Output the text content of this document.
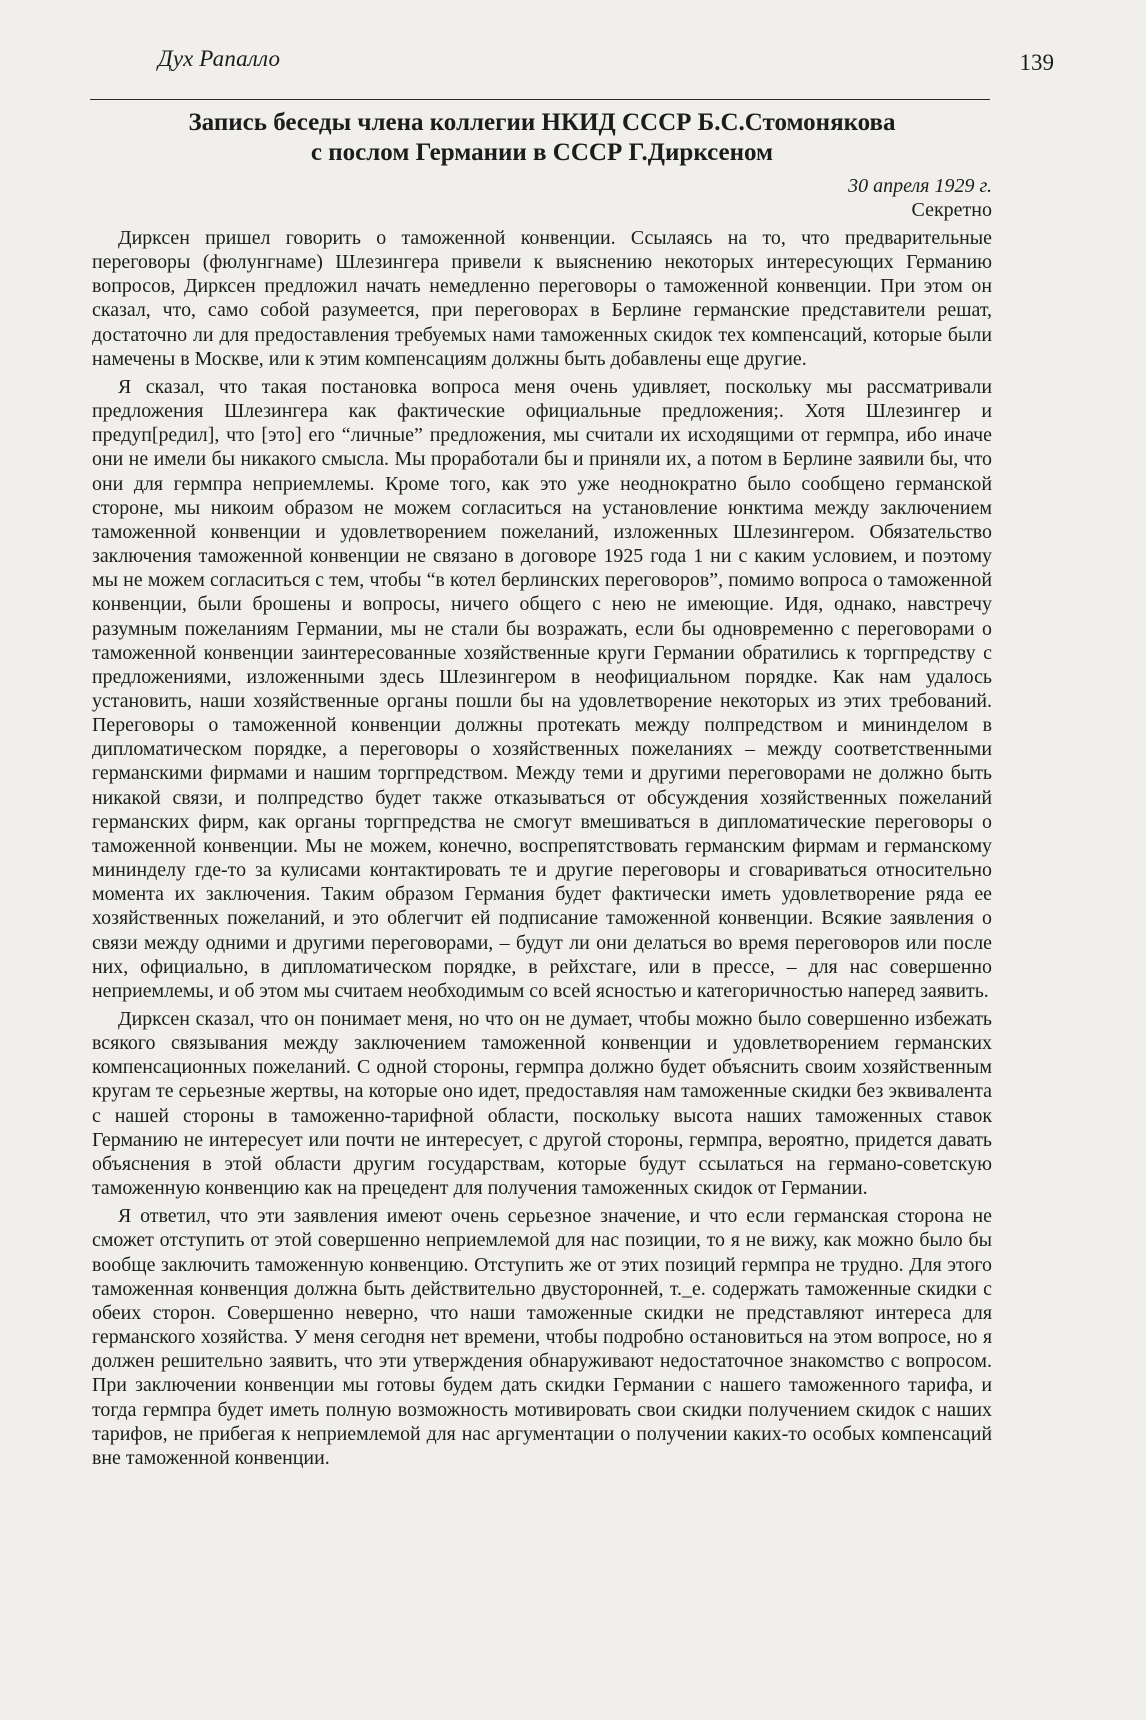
Дух Рапалло	139
Запись беседы члена коллегии НКИД СССР Б.С.Стомонякова
с послом Германии в СССР Г.Дирксеном
30 апреля 1929 г.
Секретно

Дирксен пришел говорить о таможенной конвенции. Ссылаясь на то, что предварительные переговоры (фюлунгнаме) Шлезингера привели к выяснению некоторых интересующих Германию вопросов, Дирксен предложил начать немедленно переговоры о таможенной конвенции. При этом он сказал, что, само собой разумеется, при переговорах в Берлине германские представители решат, достаточно ли для предоставления требуемых нами таможенных скидок тех компенсаций, которые были намечены в Москве, или к этим компенсациям должны быть добавлены еще другие.

Я сказал, что такая постановка вопроса меня очень удивляет, поскольку мы рассматривали предложения Шлезингера как фактические официальные предложения;. Хотя Шлезингер и предуп[редил], что [это] его “личные” предложения, мы считали их исходящими от гермпра, ибо иначе они не имели бы никакого смысла. Мы проработали бы и приняли их, а потом в Берлине заявили бы, что они для гермпра неприемлемы. Кроме того, как это уже неоднократно было сообщено германской стороне, мы никоим образом не можем согласиться на установление юнктима между заключением таможенной конвенции и удовлетворением пожеланий, изложенных Шлезингером. Обязательство заключения таможенной конвенции не связано в договоре 1925 года 1 ни с каким условием, и поэтому мы не можем согласиться с тем, чтобы “в котел берлинских переговоров”, помимо вопроса о таможенной конвенции, были брошены и вопросы, ничего общего с нею не имеющие. Идя, однако, навстречу разумным пожеланиям Германии, мы не стали бы возражать, если бы одновременно с переговорами о таможенной конвенции заинтересованные хозяйственные круги Германии обратились к торгпредству с предложениями, изложенными здесь Шлезингером в неофициальном порядке. Как нам удалось установить, наши хозяйственные органы пошли бы на удовлетворение некоторых из этих требований. Переговоры о таможенной конвенции должны протекать между полпредством и мининделом в дипломатическом порядке, а переговоры о хозяйственных пожеланиях – между соответственными германскими фирмами и нашим торгпредством. Между теми и другими переговорами не должно быть никакой связи, и полпредство будет также отказываться от обсуждения хозяйственных пожеланий германских фирм, как органы торгпредства не смогут вмешиваться в дипломатические переговоры о таможенной конвенции. Мы не можем, конечно, воспрепятствовать германским фирмам и германскому мининделу где-то за кулисами контактировать те и другие переговоры и сговариваться относительно момента их заключения. Таким образом Германия будет фактически иметь удовлетворение ряда ее хозяйственных пожеланий, и это облегчит ей подписание таможенной конвенции. Всякие заявления о связи между одними и другими переговорами, – будут ли они делаться во время переговоров или после них, официально, в дипломатическом порядке, в рейхстаге, или в прессе, – для нас совершенно неприемлемы, и об этом мы считаем необходимым со всей ясностью и категоричностью наперед заявить.

Дирксен сказал, что он понимает меня, но что он не думает, чтобы можно было совершенно избежать всякого связывания между заключением таможенной конвенции и удовлетворением германских компенсационных пожеланий. С одной стороны, гермпра должно будет объяснить своим хозяйственным кругам те серьезные жертвы, на которые оно идет, предоставляя нам таможенные скидки без эквивалента с нашей стороны в таможенно-тарифной области, поскольку высота наших таможенных ставок Германию не интересует или почти не интересует, с другой стороны, гермпра, вероятно, придется давать объяснения в этой области другим государствам, которые будут ссылаться на германо-советскую таможенную конвенцию как на прецедент для получения таможенных скидок от Германии.

Я ответил, что эти заявления имеют очень серьезное значение, и что если германская сторона не сможет отступить от этой совершенно неприемлемой для нас позиции, то я не вижу, как можно было бы вообще заключить таможенную конвенцию. Отступить же от этих позиций гермпра не трудно. Для этого таможенная конвенция должна быть действительно двусторонней, т._е. содержать таможенные скидки с обеих сторон. Совершенно неверно, что наши таможенные скидки не представляют интереса для германского хозяйства. У меня сегодня нет времени, чтобы подробно остановиться на этом вопросе, но я должен решительно заявить, что эти утверждения обнаруживают недостаточное знакомство с вопросом. При заключении конвенции мы готовы будем дать скидки Германии с нашего таможенного тарифа, и тогда гермпра будет иметь полную возможность мотивировать свои скидки получением скидок с наших тарифов, не прибегая к неприемлемой для нас аргументации о получении каких-то особых компенсаций вне таможенной конвенции.
